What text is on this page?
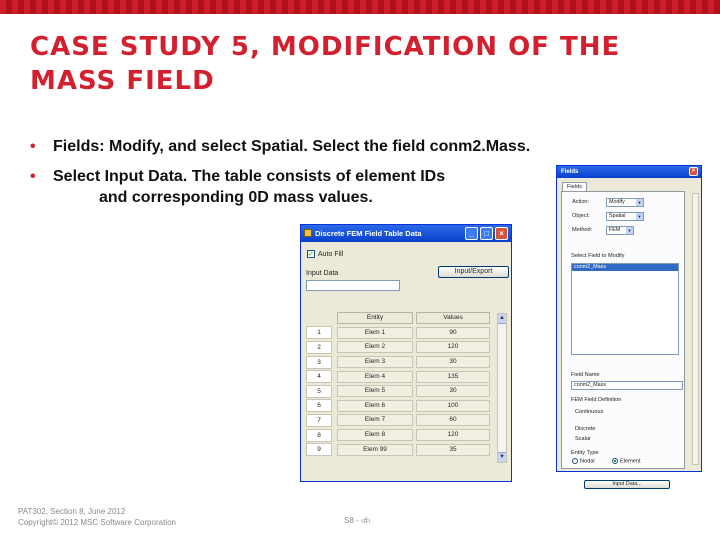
CASE STUDY 5, MODIFICATION OF THE MASS FIELD
• Fields: Modify, and select Spatial. Select the field conm2.Mass.
• Select Input Data. The table consists of element IDs
and corresponding 0D mass values.
Discrete FEM Field Table Data	_	□	×
✓ Auto Fill
Input Data	Input/Export
Entity	Values
1	Elem 1	90
2	Elem 2	120
3	Elem 3	30
4	Elem 4	135
5	Elem 5	30
6	Elem 6	100
7	Elem 7	60
8	Elem 8	120
9	Elem 99	35
▲
▼
Fields	×
Fields
Action:	Modify	▼
Object:	Spatial	▼
Method:	FEM	▼
Select Field to Modify
conm2_Mass
Field Name
conm2_Mass
FEM Field Definition
Continuous
Discrete
Scalar
Entity Type
Nodal	Element
Input Data...
PAT302, Section 8, June 2012
Copyright© 2012 MSC Software Corporation	S8 - ‹#›
